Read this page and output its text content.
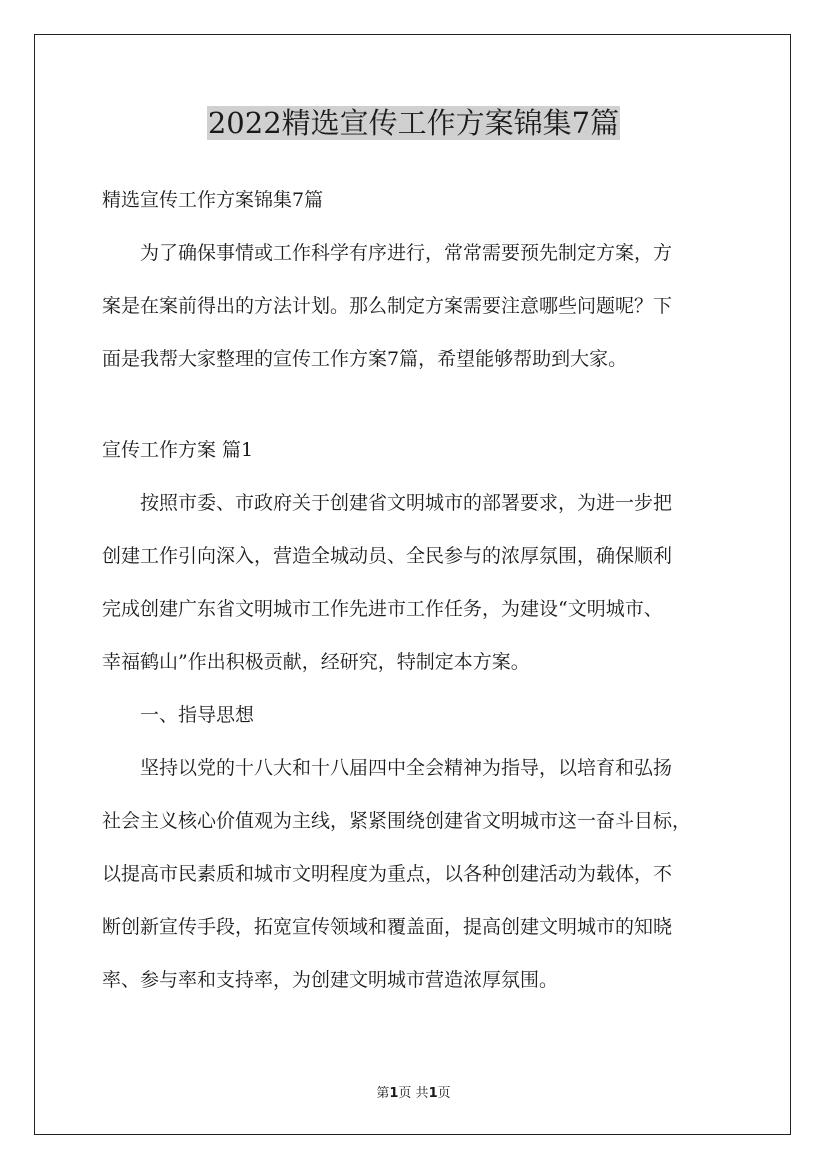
2022精选宣传工作方案锦集7篇

精选宣传工作方案锦集7篇

为了确保事情或工作科学有序进行，常常需要预先制定方案，方

案是在案前得出的方法计划。那么制定方案需要注意哪些问题呢？下

面是我帮大家整理的宣传工作方案7篇，希望能够帮助到大家。

宣传工作方案 篇1

按照市委、市政府关于创建省文明城市的部署要求，为进一步把

创建工作引向深入，营造全城动员、全民参与的浓厚氛围，确保顺利

完成创建广东省文明城市工作先进市工作任务，为建设“文明城市、

幸福鹤山”作出积极贡献，经研究，特制定本方案。

一、指导思想

坚持以党的十八大和十八届四中全会精神为指导，以培育和弘扬

社会主义核心价值观为主线，紧紧围绕创建省文明城市这一奋斗目标，

以提高市民素质和城市文明程度为重点，以各种创建活动为载体，不

断创新宣传手段，拓宽宣传领域和覆盖面，提高创建文明城市的知晓

率、参与率和支持率，为创建文明城市营造浓厚氛围。

第1页 共1页
